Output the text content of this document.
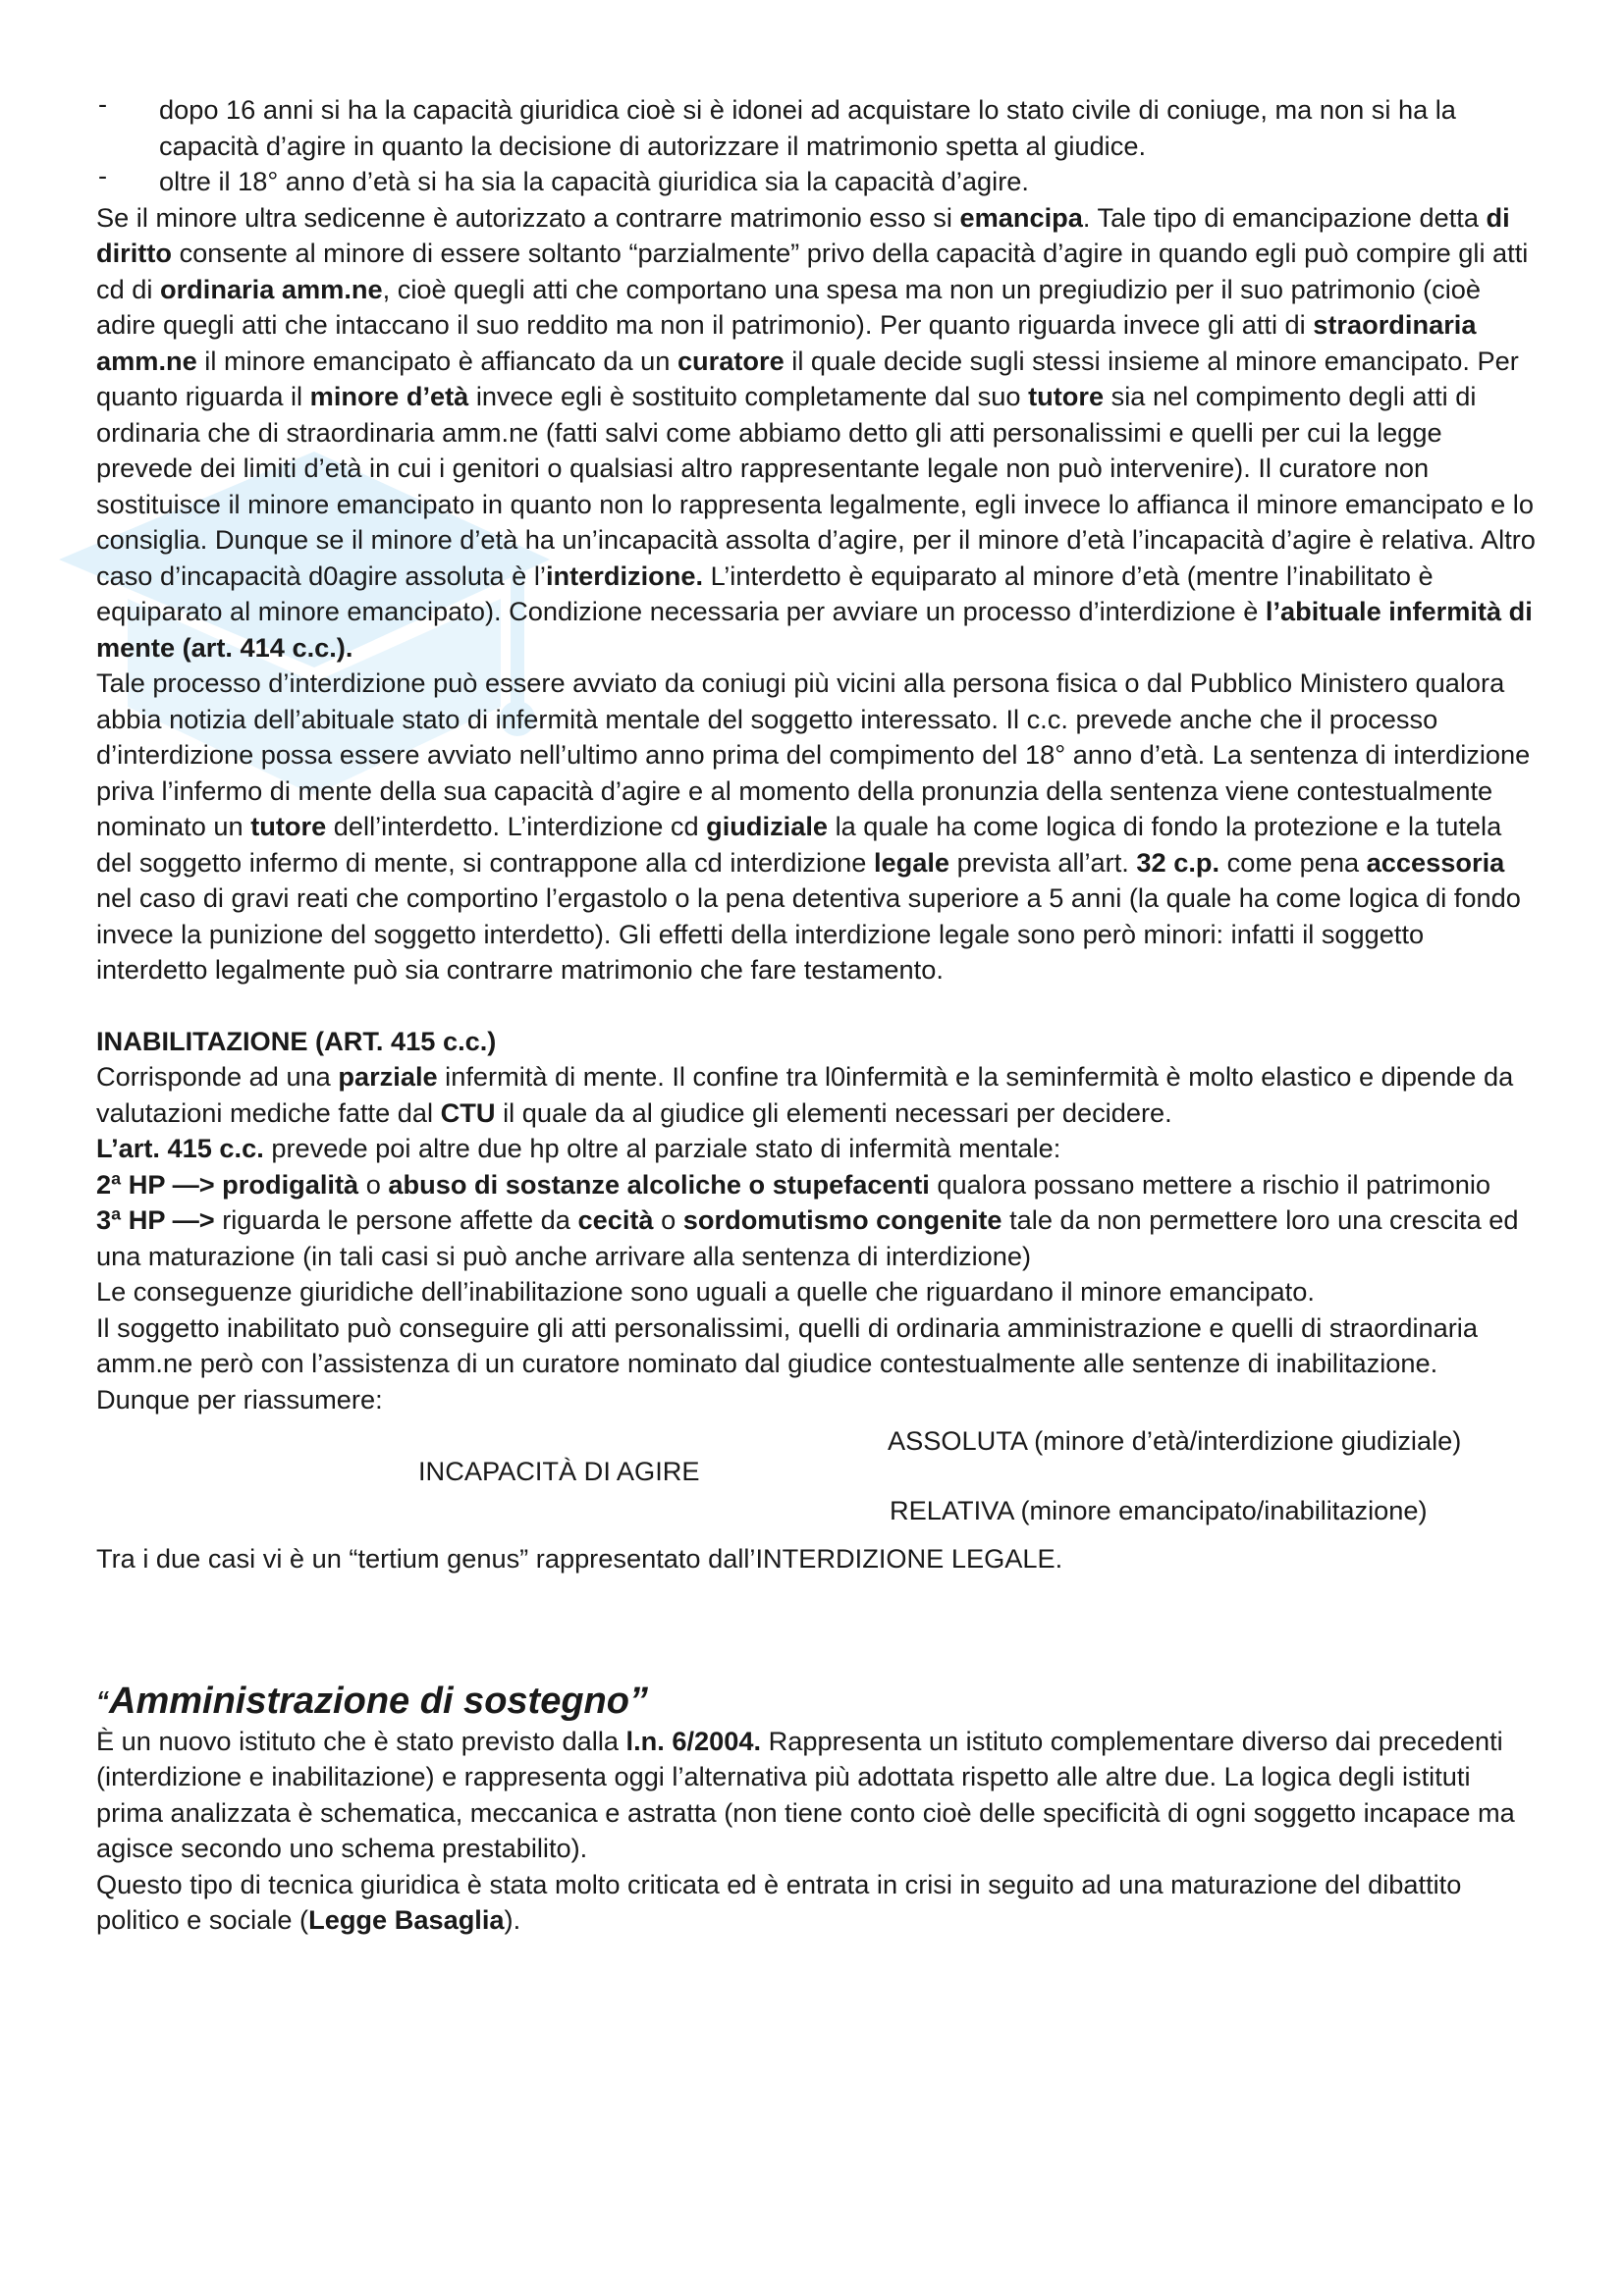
- dopo 16 anni si ha la capacità giuridica cioè si è idonei ad acquistare lo stato civile di coniuge, ma non si ha la capacità d’agire in quanto la decisione di autorizzare il matrimonio spetta al giudice.
- oltre il 18° anno d’età si ha sia la capacità giuridica sia la capacità d’agire.

Se il minore ultra sedicenne è autorizzato a contrarre matrimonio esso si emancipa. Tale tipo di emancipazione detta di diritto consente al minore di essere soltanto “parzialmente” privo della capacità d’agire in quando egli può compire gli atti cd di ordinaria amm.ne, cioè quegli atti che comportano una spesa ma non un pregiudizio per il suo patrimonio (cioè adire quegli atti che intaccano il suo reddito ma non il patrimonio). Per quanto riguarda invece gli atti di straordinaria amm.ne il minore emancipato è affiancato da un curatore il quale decide sugli stessi insieme al minore emancipato. Per quanto riguarda il minore d’età invece egli è sostituito completamente dal suo tutore sia nel compimento degli atti di ordinaria che di straordinaria amm.ne (fatti salvi come abbiamo detto gli atti personalissimi e quelli per cui la legge prevede dei limiti d’età in cui i genitori o qualsiasi altro rappresentante legale non può intervenire). Il curatore non sostituisce il minore emancipato in quanto non lo rappresenta legalmente, egli invece lo affianca il minore emancipato e lo consiglia. Dunque se il minore d’età ha un’incapacità assolta d’agire, per il minore d’età l’incapacità d’agire è relativa. Altro caso d’incapacità d0agire assoluta è l’interdizione. L’interdetto è equiparato al minore d’età (mentre l’inabilitato è equiparato al minore emancipato). Condizione necessaria per avviare un processo d’interdizione è l’abituale infermità di mente (art. 414 c.c.).

Tale processo d’interdizione può essere avviato da coniugi più vicini alla persona fisica o dal Pubblico Ministero qualora abbia notizia dell’abituale stato di infermità mentale del soggetto interessato. Il c.c. prevede anche che il processo d’interdizione possa essere avviato nell’ultimo anno prima del compimento del 18° anno d’età. La sentenza di interdizione priva l’infermo di mente della sua capacità d’agire e al momento della pronunzia della sentenza viene contestualmente nominato un tutore dell’interdetto. L’interdizione cd giudiziale la quale ha come logica di fondo la protezione e la tutela del soggetto infermo di mente, si contrappone alla cd interdizione legale prevista all’art. 32 c.p. come pena accessoria nel caso di gravi reati che comportino l’ergastolo o la pena detentiva superiore a 5 anni (la quale ha come logica di fondo invece la punizione del soggetto interdetto). Gli effetti della interdizione legale sono però minori: infatti il soggetto interdetto legalmente può sia contrarre matrimonio che fare testamento.

INABILITAZIONE (ART. 415 c.c.)

Corrisponde ad una parziale infermità di mente. Il confine tra l0infermità e la seminfermità è molto elastico e dipende da valutazioni mediche fatte dal CTU il quale da al giudice gli elementi necessari per decidere.

L’art. 415 c.c. prevede poi altre due hp oltre al parziale stato di infermità mentale:

2ª HP —> prodigalità o abuso di sostanze alcoliche o stupefacenti qualora possano mettere a rischio il patrimonio

3ª HP —> riguarda le persone affette da cecità o sordomutismo congenite tale da non permettere loro una crescita ed una maturazione (in tali casi si può anche arrivare alla sentenza di interdizione)

Le conseguenze giuridiche dell’inabilitazione sono uguali a quelle che riguardano il minore emancipato.

Il soggetto inabilitato può conseguire gli atti personalissimi, quelli di ordinaria amministrazione e quelli di straordinaria amm.ne però con l’assistenza di un curatore nominato dal giudice contestualmente alle sentenze di inabilitazione.

Dunque per riassumere:

ASSOLUTA (minore d’età/interdizione giudiziale)
INCAPACITÀ DI AGIRE
RELATIVA (minore emancipato/inabilitazione)

Tra i due casi vi è un “tertium genus” rappresentato dall’INTERDIZIONE LEGALE.

“Amministrazione di sostegno”

È un nuovo istituto che è stato previsto dalla l.n. 6/2004. Rappresenta un istituto complementare diverso dai precedenti (interdizione e inabilitazione) e rappresenta oggi l’alternativa più adottata rispetto alle altre due. La logica degli istituti prima analizzata è schematica, meccanica e astratta (non tiene conto cioè delle specificità di ogni soggetto incapace ma agisce secondo uno schema prestabilito).

Questo tipo di tecnica giuridica è stata molto criticata ed è entrata in crisi in seguito ad una maturazione del dibattito politico e sociale (Legge Basaglia).
